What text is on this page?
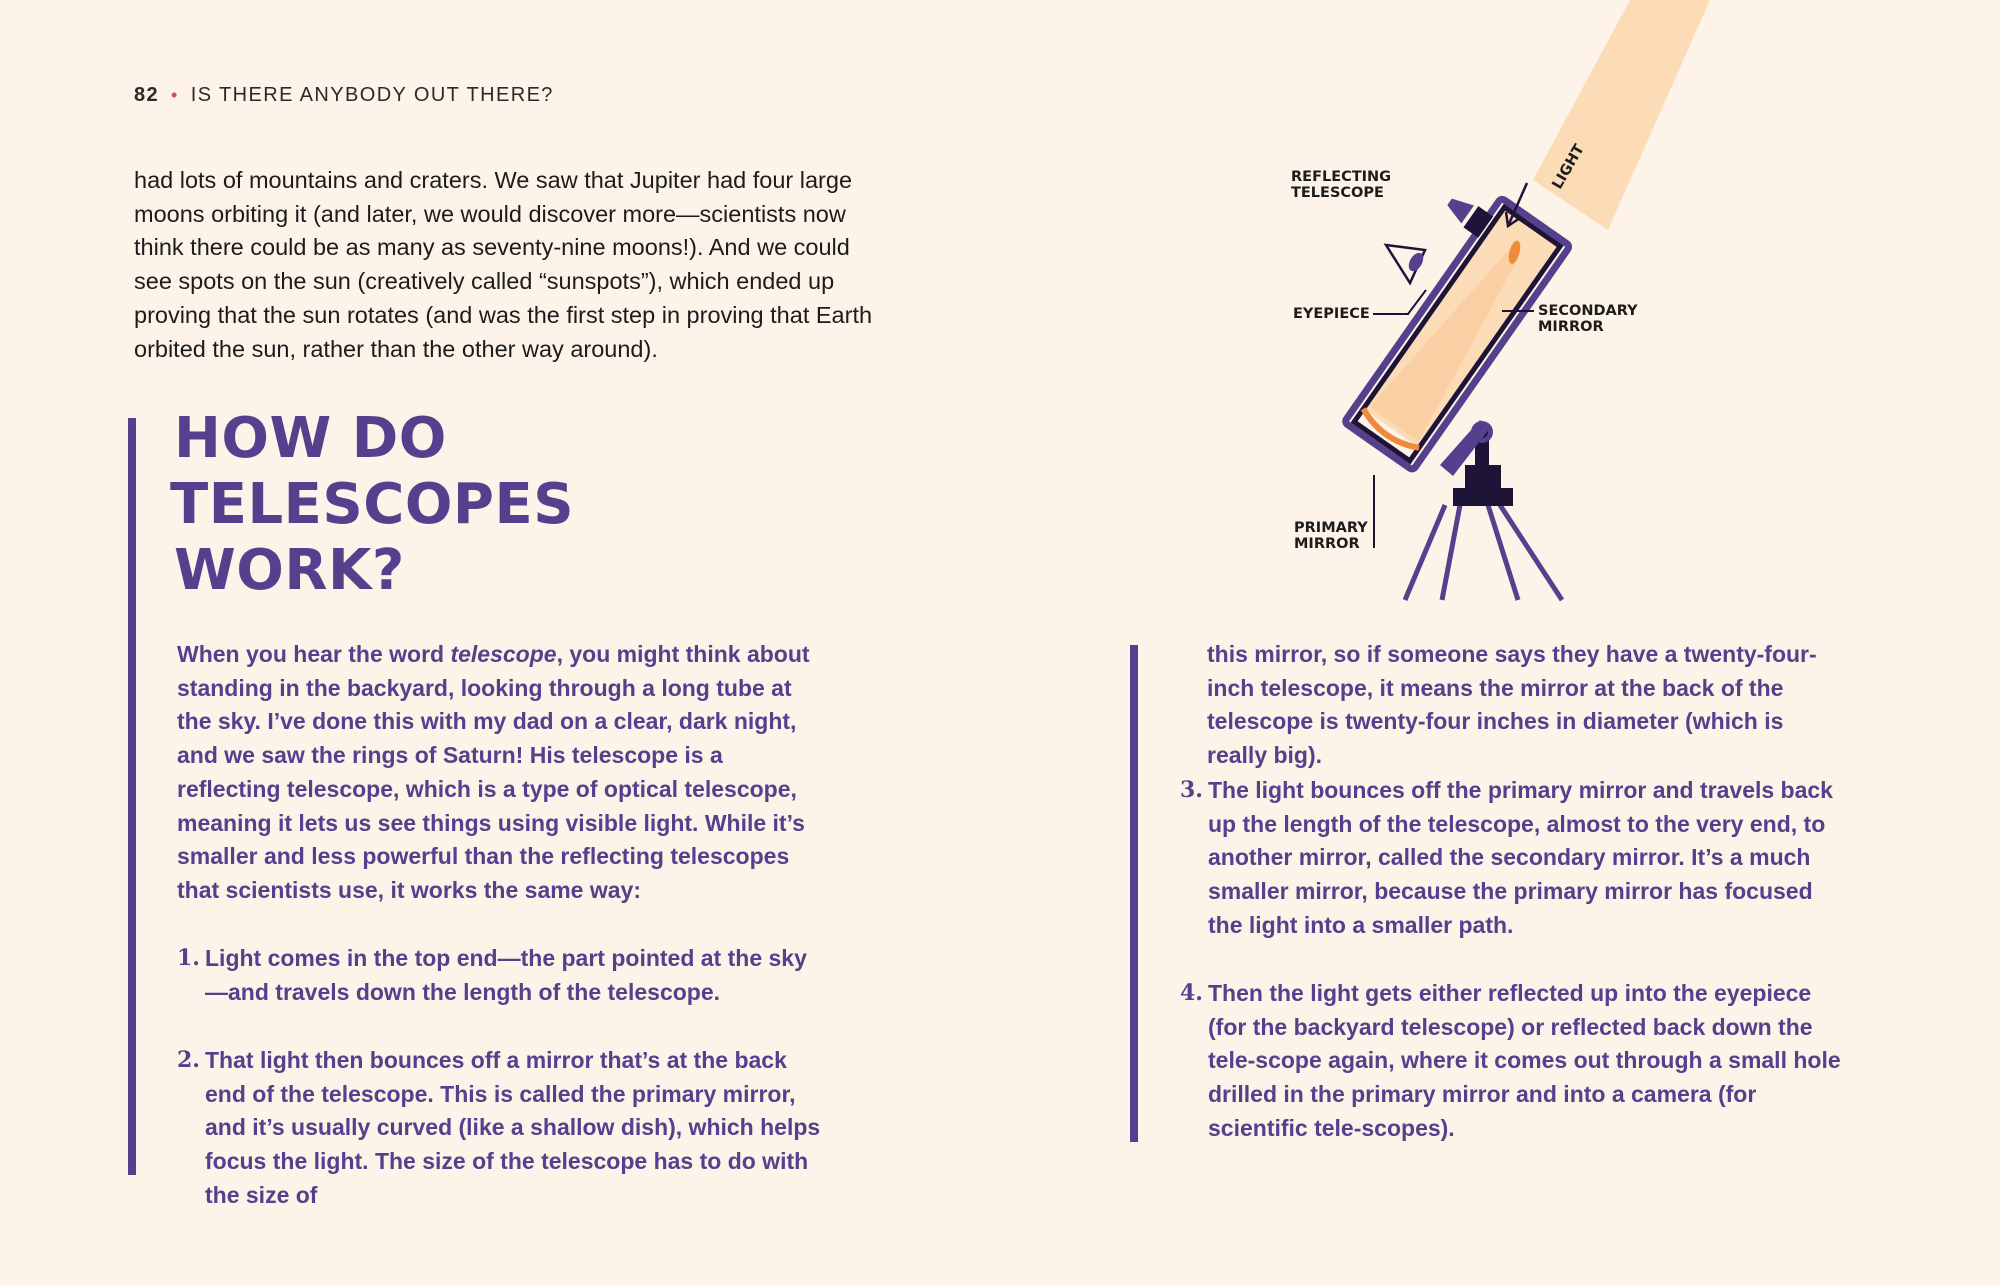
82 • IS THERE ANYBODY OUT THERE?
had lots of mountains and craters. We saw that Jupiter had four large moons orbiting it (and later, we would discover more—scientists now think there could be as many as seventy-nine moons!). And we could see spots on the sun (creatively called “sunspots”), which ended up proving that the sun rotates (and was the first step in proving that Earth orbited the sun, rather than the other way around).
HOW DO
TELESCOPES
WORK?
When you hear the word telescope, you might think about standing in the backyard, looking through a long tube at the sky. I’ve done this with my dad on a clear, dark night, and we saw the rings of Saturn! His telescope is a reflecting telescope, which is a type of optical telescope, meaning it lets us see things using visible light. While it’s smaller and less powerful than the reflecting telescopes that scientists use, it works the same way:
1. Light comes in the top end—the part pointed at the sky—and travels down the length of the telescope.
2. That light then bounces off a mirror that’s at the back end of the telescope. This is called the primary mirror, and it’s usually curved (like a shallow dish), which helps focus the light. The size of the telescope has to do with the size of
this mirror, so if someone says they have a twenty-four-inch telescope, it means the mirror at the back of the telescope is twenty-four inches in diameter (which is really big).
3. The light bounces off the primary mirror and travels back up the length of the telescope, almost to the very end, to another mirror, called the secondary mirror. It’s a much smaller mirror, because the primary mirror has focused the light into a smaller path.
4. Then the light gets either reflected up into the eyepiece (for the backyard telescope) or reflected back down the tele-scope again, where it comes out through a small hole drilled in the primary mirror and into a camera (for scientific tele-scopes).
LIGHT
REFLECTING
TELESCOPE
EYEPIECE	SECONDARY
MIRROR
PRIMARY
MIRROR
